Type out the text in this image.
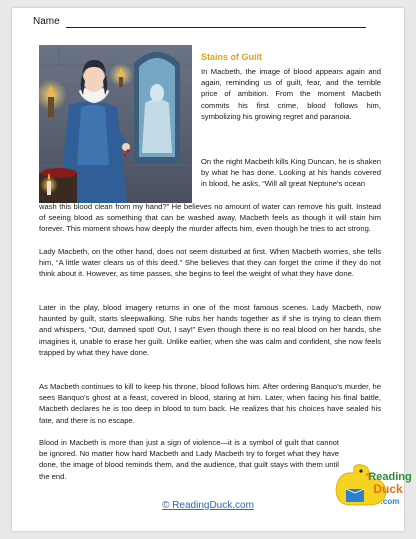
Name
Stains of Guilt

In Macbeth, the image of blood appears again and again, reminding us of guilt, fear, and the terrible price of ambition. From the moment Macbeth commits his first crime, blood follows him, symbolizing his growing regret and paranoia.

On the night Macbeth kills King Duncan, he is shaken by what he has done. Looking at his hands covered in blood, he asks, “Will all great Neptune’s ocean

wash this blood clean from my hand?” He believes no amount of water can remove his guilt. Instead of seeing blood as something that can be washed away, Macbeth feels as though it will stain him forever. This moment shows how deeply the murder affects him, even though he tries to act strong.

Lady Macbeth, on the other hand, does not seem disturbed at first. When Macbeth worries, she tells him, “A little water clears us of this deed.” She believes that they can forget the crime if they do not think about it. However, as time passes, she begins to feel the weight of what they have done.

Later in the play, blood imagery returns in one of the most famous scenes. Lady Macbeth, now haunted by guilt, starts sleepwalking. She rubs her hands together as if she is trying to clean them and whispers, “Out, damned spot! Out, I say!” Even though there is no real blood on her hands, she imagines it, unable to erase her guilt. Unlike earlier, when she was calm and confident, she now feels trapped by what they have done.

As Macbeth continues to kill to keep his throne, blood follows him. After ordering Banquo’s murder, he sees Banquo’s ghost at a feast, covered in blood, staring at him. Later, when facing his final battle, Macbeth declares he is too deep in blood to turn back. He realizes that his choices have sealed his fate, and there is no escape.

Blood in Macbeth is more than just a sign of violence—it is a symbol of guilt that cannot be ignored. No matter how hard Macbeth and Lady Macbeth try to forget what they have done, the image of blood reminds them, and the audience, that guilt stays with them until the end.

© ReadingDuck.com
Reading
Duck
.com
